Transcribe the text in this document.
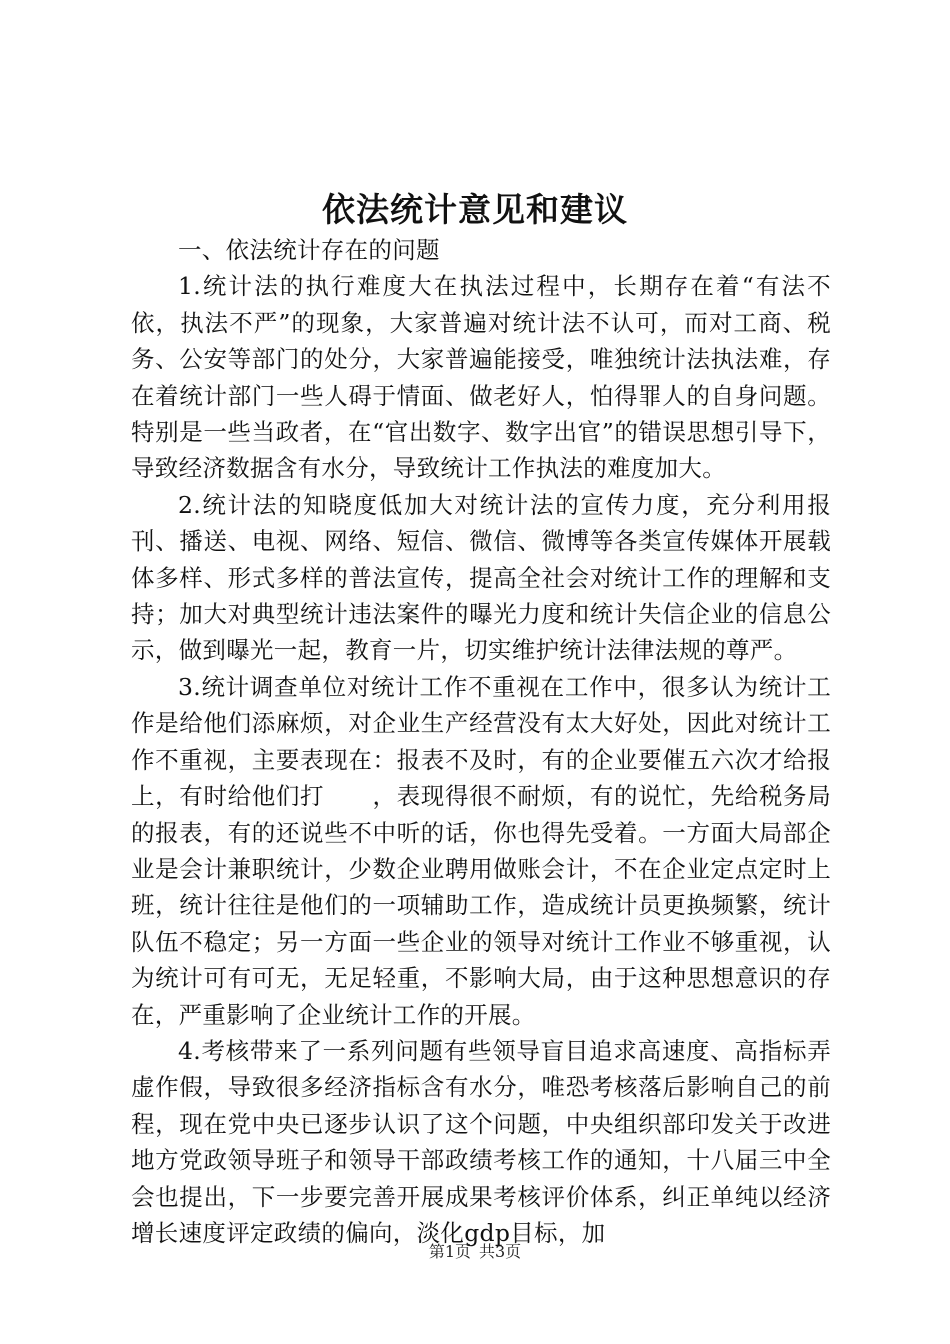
依法统计意见和建议

一、依法统计存在的问题

1.统计法的执行难度大在执法过程中，长期存在着“有法不依，执法不严”的现象，大家普遍对统计法不认可，而对工商、税务、公安等部门的处分，大家普遍能接受，唯独统计法执法难，存在着统计部门一些人碍于情面、做老好人，怕得罪人的自身问题。特别是一些当政者，在“官出数字、数字出官”的错误思想引导下，导致经济数据含有水分，导致统计工作执法的难度加大。

2.统计法的知晓度低加大对统计法的宣传力度，充分利用报刊、播送、电视、网络、短信、微信、微博等各类宣传媒体开展载体多样、形式多样的普法宣传，提高全社会对统计工作的理解和支持；加大对典型统计违法案件的曝光力度和统计失信企业的信息公示，做到曝光一起，教育一片，切实维护统计法律法规的尊严。

3.统计调查单位对统计工作不重视在工作中，很多认为统计工作是给他们添麻烦，对企业生产经营没有太大好处，因此对统计工作不重视，主要表现在：报表不及时，有的企业要催五六次才给报上，有时给他们打　　，表现得很不耐烦，有的说忙，先给税务局的报表，有的还说些不中听的话，你也得先受着。一方面大局部企业是会计兼职统计，少数企业聘用做账会计，不在企业定点定时上班，统计往往是他们的一项辅助工作，造成统计员更换频繁，统计队伍不稳定；另一方面一些企业的领导对统计工作业不够重视，认为统计可有可无，无足轻重，不影响大局，由于这种思想意识的存在，严重影响了企业统计工作的开展。

4.考核带来了一系列问题有些领导盲目追求高速度、高指标弄虚作假，导致很多经济指标含有水分，唯恐考核落后影响自己的前程，现在党中央已逐步认识了这个问题，中央组织部印发关于改进地方党政领导班子和领导干部政绩考核工作的通知，十八届三中全会也提出，下一步要完善开展成果考核评价体系，纠正单纯以经济增长速度评定政绩的偏向，淡化gdp目标，加

第1页 共3页
